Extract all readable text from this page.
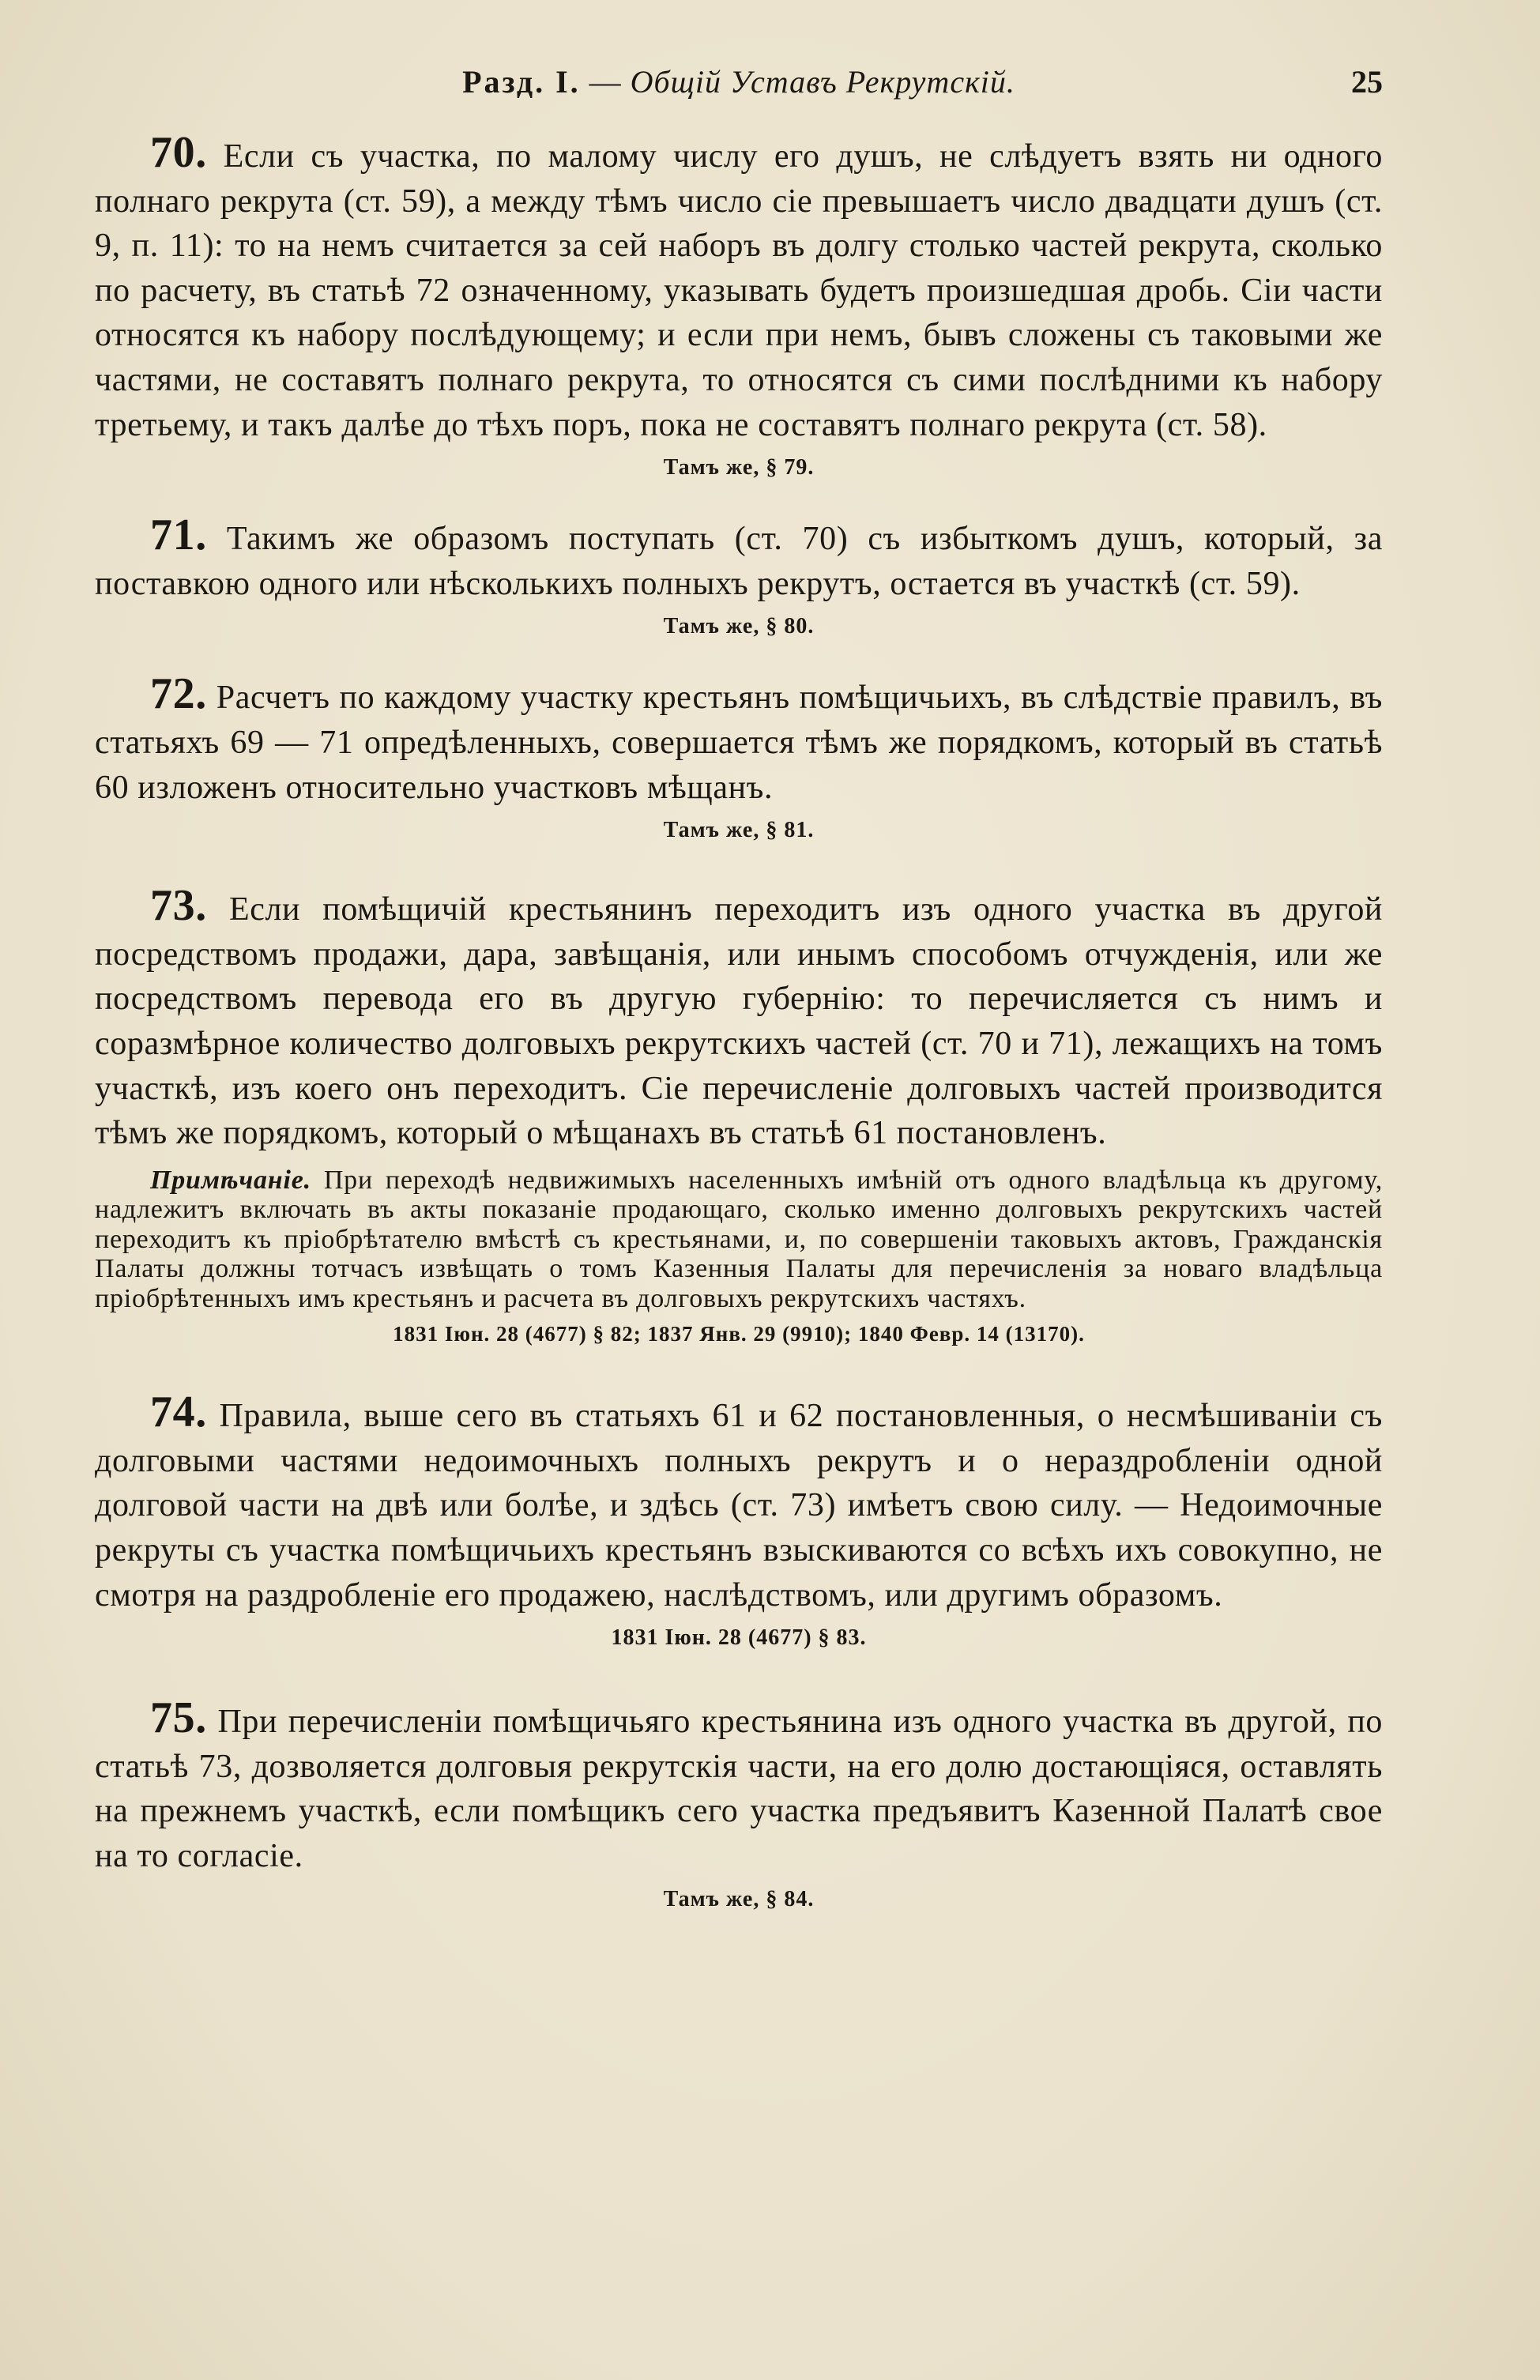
Разд. I. — Общій Уставъ Рекрутскій.	25

70. Если съ участка, по малому числу его душъ, не слѣдуетъ взять ни одного полнаго рекрута (ст. 59), а между тѣмъ число сіе превышаетъ число двадцати душъ (ст. 9, п. 11): то на немъ считается за сей наборъ въ долгу столько частей рекрута, сколько по расчету, въ статьѣ 72 означенному, указывать будетъ произшедшая дробь. Сіи части относятся къ набору послѣдующему; и если при немъ, бывъ сложены съ таковыми же частями, не составятъ полнаго рекрута, то относятся съ сими послѣдними къ набору третьему, и такъ далѣе до тѣхъ поръ, пока не составятъ полнаго рекрута (ст. 58).

Тамъ же, § 79.

71. Такимъ же образомъ поступать (ст. 70) съ избыткомъ душъ, который, за поставкою одного или нѣсколькихъ полныхъ рекрутъ, остается въ участкѣ (ст. 59).

Тамъ же, § 80.

72. Расчетъ по каждому участку крестьянъ помѣщичьихъ, въ слѣдствіе правилъ, въ статьяхъ 69 — 71 опредѣленныхъ, совершается тѣмъ же порядкомъ, который въ статьѣ 60 изложенъ относительно участковъ мѣщанъ.

Тамъ же, § 81.

73. Если помѣщичій крестьянинъ переходитъ изъ одного участка въ другой посредствомъ продажи, дара, завѣщанія, или инымъ способомъ отчужденія, или же посредствомъ перевода его въ другую губернію: то перечисляется съ нимъ и соразмѣрное количество долговыхъ рекрутскихъ частей (ст. 70 и 71), лежащихъ на томъ участкѣ, изъ коего онъ переходитъ. Сіе перечисленіе долговыхъ частей производится тѣмъ же порядкомъ, который о мѣщанахъ въ статьѣ 61 постановленъ.

Примѣчаніе. При переходѣ недвижимыхъ населенныхъ имѣній отъ одного владѣльца къ другому, надлежитъ включать въ акты показаніе продающаго, сколько именно долговыхъ рекрутскихъ частей переходитъ къ пріобрѣтателю вмѣстѣ съ крестьянами, и, по совершеніи таковыхъ актовъ, Гражданскія Палаты должны тотчасъ извѣщать о томъ Казенныя Палаты для перечисленія за новаго владѣльца пріобрѣтенныхъ имъ крестьянъ и расчета въ долговыхъ рекрутскихъ частяхъ.

1831 Іюн. 28 (4677) § 82; 1837 Янв. 29 (9910); 1840 Февр. 14 (13170).

74. Правила, выше сего въ статьяхъ 61 и 62 постановленныя, о несмѣшиваніи съ долговыми частями недоимочныхъ полныхъ рекрутъ и о нераздробленіи одной долговой части на двѣ или болѣе, и здѣсь (ст. 73) имѣетъ свою силу. — Недоимочные рекруты съ участка помѣщичьихъ крестьянъ взыскиваются со всѣхъ ихъ совокупно, не смотря на раздробленіе его продажею, наслѣдствомъ, или другимъ образомъ.

1831 Іюн. 28 (4677) § 83.

75. При перечисленіи помѣщичьяго крестьянина изъ одного участка въ другой, по статьѣ 73, дозволяется долговыя рекрутскія части, на его долю достающіяся, оставлять на прежнемъ участкѣ, если помѣщикъ сего участка предъявитъ Казенной Палатѣ свое на то согласіе.

Тамъ же, § 84.
